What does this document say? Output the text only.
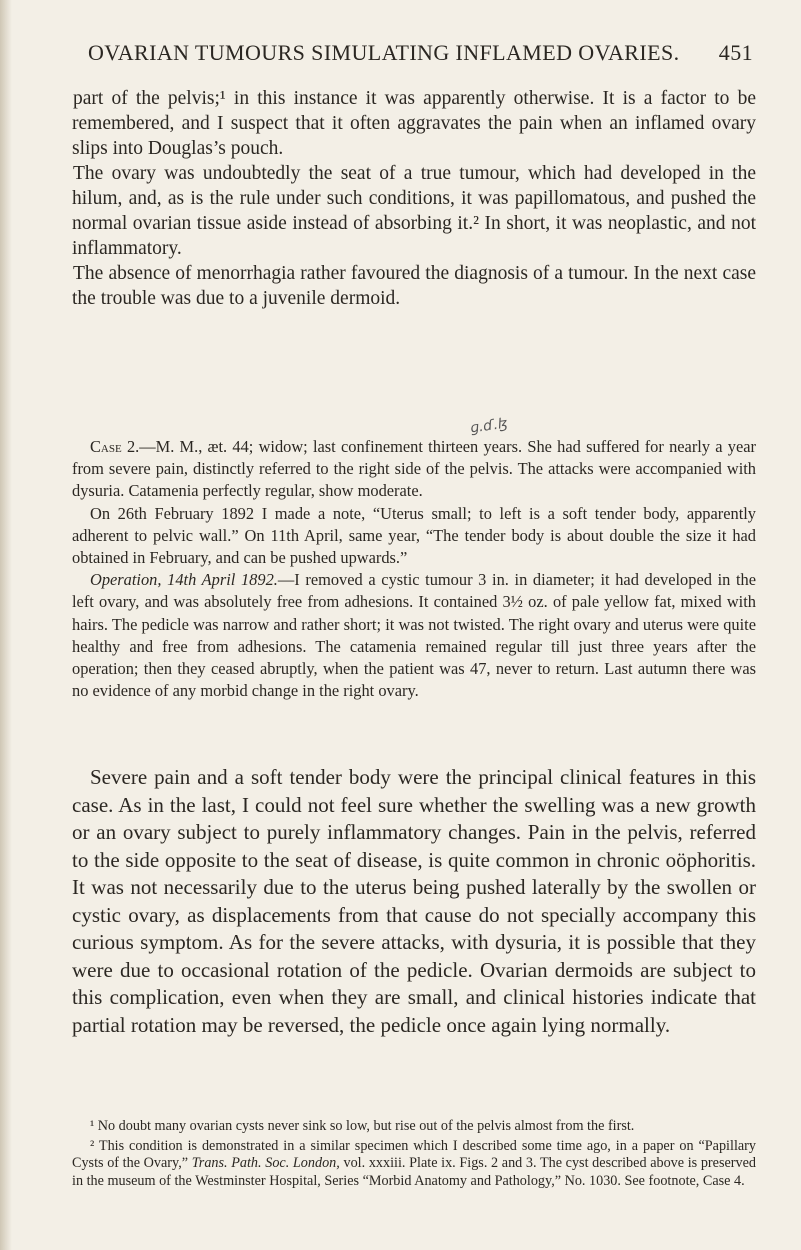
OVARIAN TUMOURS SIMULATING INFLAMED OVARIES. 451

part of the pelvis;¹ in this instance it was apparently otherwise. It is a factor to be remembered, and I suspect that it often aggravates the pain when an inflamed ovary slips into Douglas’s pouch.

The ovary was undoubtedly the seat of a true tumour, which had developed in the hilum, and, as is the rule under such conditions, it was papillomatous, and pushed the normal ovarian tissue aside instead of absorbing it.² In short, it was neoplastic, and not inflammatory.

The absence of menorrhagia rather favoured the diagnosis of a tumour. In the next case the trouble was due to a juvenile dermoid.

ɡ.ɗ.ɮ

Case 2.—M. M., æt. 44; widow; last confinement thirteen years. She had suffered for nearly a year from severe pain, distinctly referred to the right side of the pelvis. The attacks were accompanied with dysuria. Catamenia perfectly regular, show moderate.

On 26th February 1892 I made a note, “Uterus small; to left is a soft tender body, apparently adherent to pelvic wall.” On 11th April, same year, “The tender body is about double the size it had obtained in February, and can be pushed upwards.”

Operation, 14th April 1892.—I removed a cystic tumour 3 in. in diameter; it had developed in the left ovary, and was absolutely free from adhesions. It contained 3½ oz. of pale yellow fat, mixed with hairs. The pedicle was narrow and rather short; it was not twisted. The right ovary and uterus were quite healthy and free from adhesions. The catamenia remained regular till just three years after the operation; then they ceased abruptly, when the patient was 47, never to return. Last autumn there was no evidence of any morbid change in the right ovary.

Severe pain and a soft tender body were the principal clinical features in this case. As in the last, I could not feel sure whether the swelling was a new growth or an ovary subject to purely inflammatory changes. Pain in the pelvis, referred to the side opposite to the seat of disease, is quite common in chronic oöphoritis. It was not necessarily due to the uterus being pushed laterally by the swollen or cystic ovary, as displacements from that cause do not specially accompany this curious symptom. As for the severe attacks, with dysuria, it is possible that they were due to occasional rotation of the pedicle. Ovarian dermoids are subject to this complication, even when they are small, and clinical histories indicate that partial rotation may be reversed, the pedicle once again lying normally.

¹ No doubt many ovarian cysts never sink so low, but rise out of the pelvis almost from the first.

² This condition is demonstrated in a similar specimen which I described some time ago, in a paper on “Papillary Cysts of the Ovary,” Trans. Path. Soc. London, vol. xxxiii. Plate ix. Figs. 2 and 3. The cyst described above is preserved in the museum of the Westminster Hospital, Series “Morbid Anatomy and Pathology,” No. 1030. See footnote, Case 4.
